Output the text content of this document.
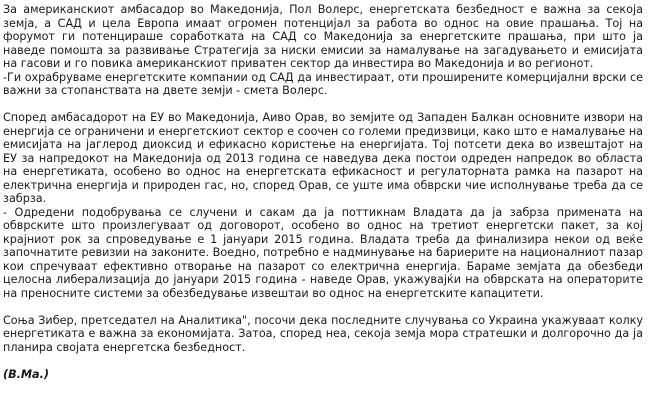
За американскиот амбасадор во Македонија, Пол Волерс, енергетската безбедност е важна за секоја земја, а САД и цела Европа имаат огромен потенцијал за работа во однос на овие прашања. Тој на форумот ги потенцираше соработката на САД со Македонија за енергетските прашања, при што ја наведе помошта за развивање Стратегија за ниски емисии за намалување на загадувањето и емисијата на гасови и го повика американскиот приватен сектор да инвестира во Македонија и во регионот.

-Ги охрабруваме енергетските компании од САД да инвестираат, оти проширените комерцијални врски се важни за стопанствата на двете земји - смета Волерс.

Според амбасадорот на ЕУ во Македонија, Аиво Орав, во земјите од Западен Балкан основните извори на енергија се ограничени и енергетскиот сектор е соочен со големи предизвици, како што е намалување на емисијата на јаглерод диоксид и ефикасно користење на енергијата. Тој потсети дека во извештајот на ЕУ за напредокот на Македонија од 2013 година се наведува дека постои одреден напредок во областа на енергетиката, особено во однос на енергетската ефикасност и регулаторната рамка на пазарот на електрична енергија и природен гас, но, според Орав, се уште има обврски чие исполнување треба да се забрза.

- Одредени подобрувања се случени и сакам да ја поттикнам Владата да ја забрза примената на обврските што произлегуваат од договорот, особено во однос на третиот енергетски пакет, за кој крајниот рок за спроведување е 1 јануари 2015 година. Владата треба да финализира некои од веќе започнатите ревизии на законите. Воедно, потребно е надминување на бариерите на националниот пазар кои спречуваат ефективно отворање на пазарот со електрична енергија. Бараме земјата да обезбеди целосна либерализација до јануари 2015 година - наведе Орав, укажувајќи на обврската на операторите на преносните системи за обезбедување извештаи во однос на енергетските капацитети.

Соња Зибер, претседател на Аналитика", посочи дека последните случувања со Украина укажуваат колку енергетиката е важна за економијата. Затоа, според неа, секоја земја мора стратешки и долгорочно да ја планира својата енергетска безбедност.

(В.Ма.)
